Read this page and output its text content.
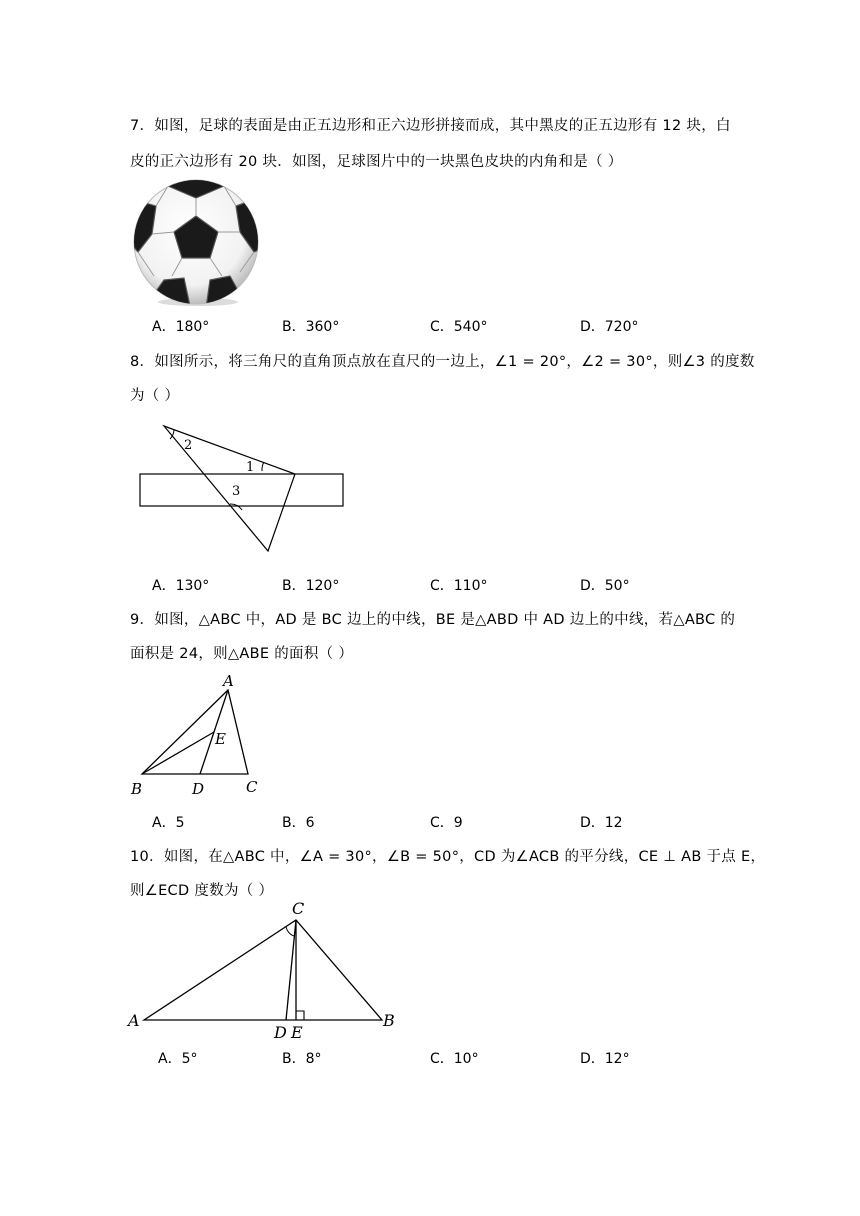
7．如图，足球的表面是由正五边形和正六边形拼接而成，其中黑皮的正五边形有 12 块，白
皮的正六边形有 20 块．如图，足球图片中的一块黑色皮块的内角和是（ ）
A．180°	B．360°	C．540°	D．720°
8．如图所示，将三角尺的直角顶点放在直尺的一边上，∠1 = 20°，∠2 = 30°，则∠3 的度数
为（ ）
2
1
3
A．130°	B．120°	C．110°	D．50°
9．如图，△ABC 中，AD 是 BC 边上的中线，BE 是△ABD 中 AD 边上的中线，若△ABC 的
面积是 24，则△ABE 的面积（ ）
A
E
B	D	C
A．5	B．6	C．9	D．12
10．如图，在△ABC 中，∠A = 30°，∠B = 50°，CD 为∠ACB 的平分线，CE ⊥ AB 于点 E，
则∠ECD 度数为（ ）
C
A
D E
B
A．5°	B．8°	C．10°	D．12°
